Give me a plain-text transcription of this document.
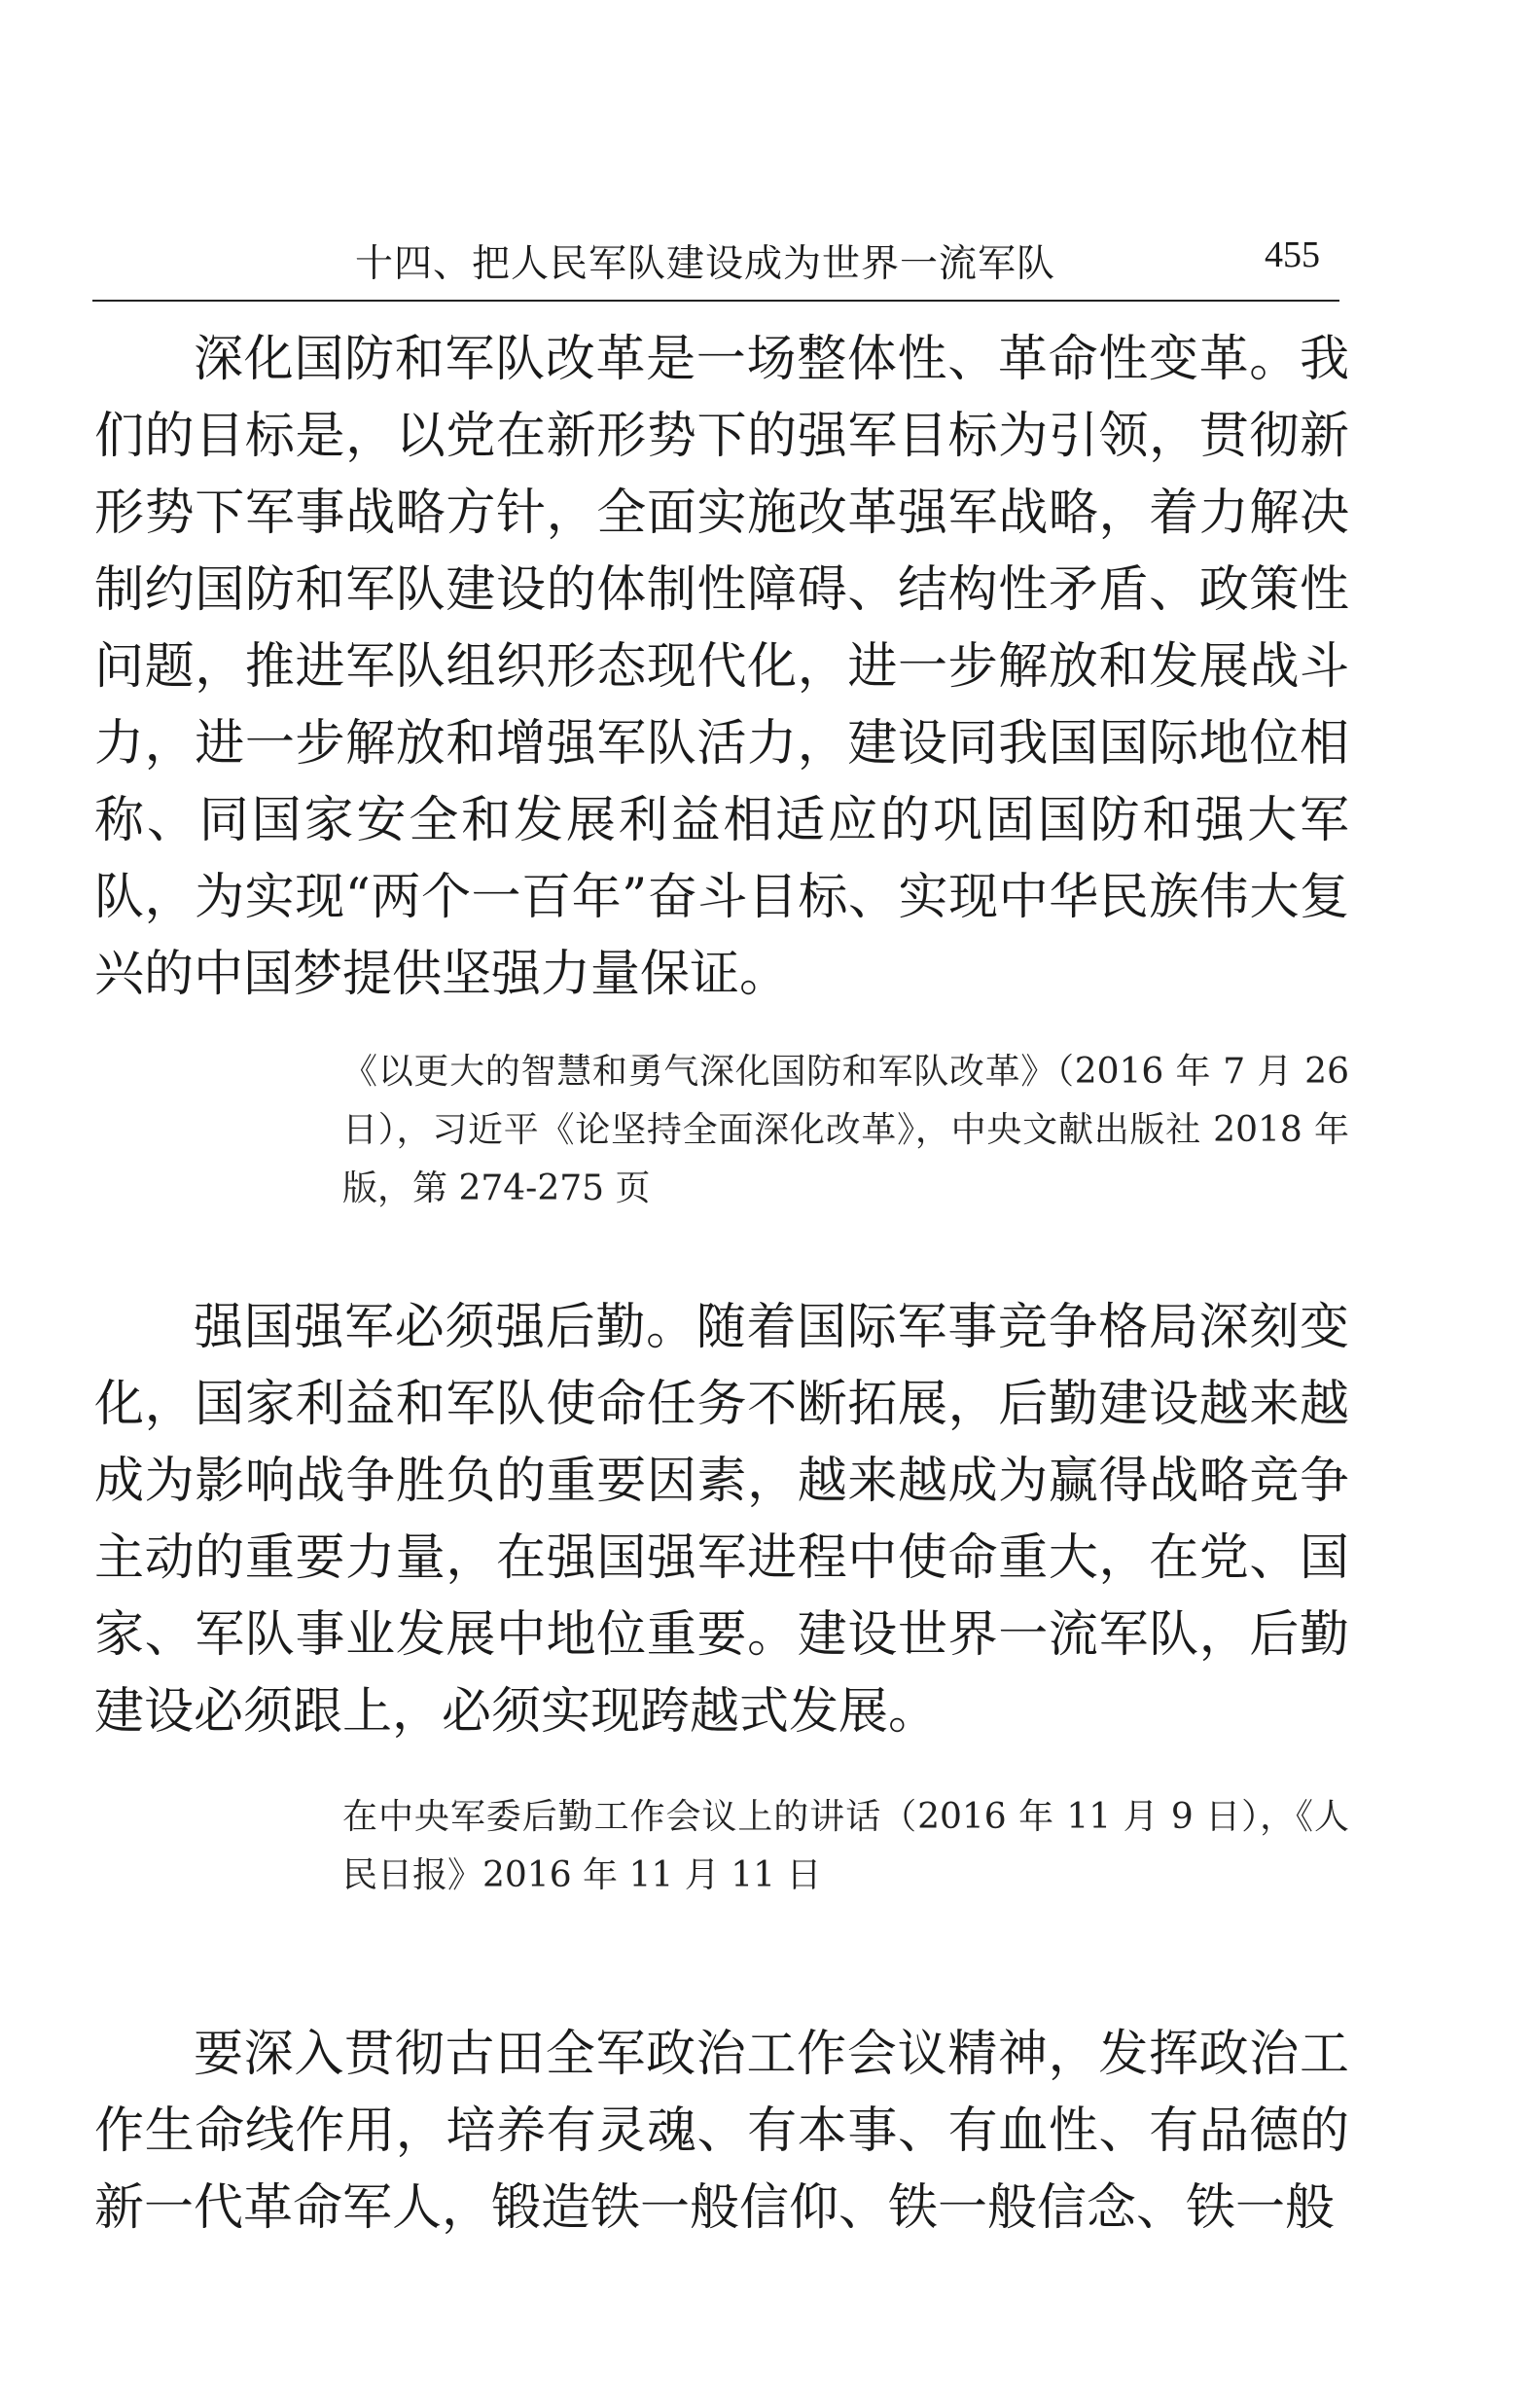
十四、把人民军队建设成为世界一流军队	455

深化国防和军队改革是一场整体性、革命性变革。我们的目标是，以党在新形势下的强军目标为引领，贯彻新形势下军事战略方针，全面实施改革强军战略，着力解决制约国防和军队建设的体制性障碍、结构性矛盾、政策性问题，推进军队组织形态现代化，进一步解放和发展战斗力，进一步解放和增强军队活力，建设同我国国际地位相称、同国家安全和发展利益相适应的巩固国防和强大军队，为实现“两个一百年”奋斗目标、实现中华民族伟大复兴的中国梦提供坚强力量保证。

《以更大的智慧和勇气深化国防和军队改革》（2016 年 7 月 26 日），习近平《论坚持全面深化改革》，中央文献出版社 2018 年版，第 274-275 页

强国强军必须强后勤。随着国际军事竞争格局深刻变化，国家利益和军队使命任务不断拓展，后勤建设越来越成为影响战争胜负的重要因素，越来越成为赢得战略竞争主动的重要力量，在强国强军进程中使命重大，在党、国家、军队事业发展中地位重要。建设世界一流军队，后勤建设必须跟上，必须实现跨越式发展。

在中央军委后勤工作会议上的讲话（2016 年 11 月 9 日），《人民日报》2016 年 11 月 11 日

要深入贯彻古田全军政治工作会议精神，发挥政治工作生命线作用，培养有灵魂、有本事、有血性、有品德的新一代革命军人，锻造铁一般信仰、铁一般信念、铁一般
